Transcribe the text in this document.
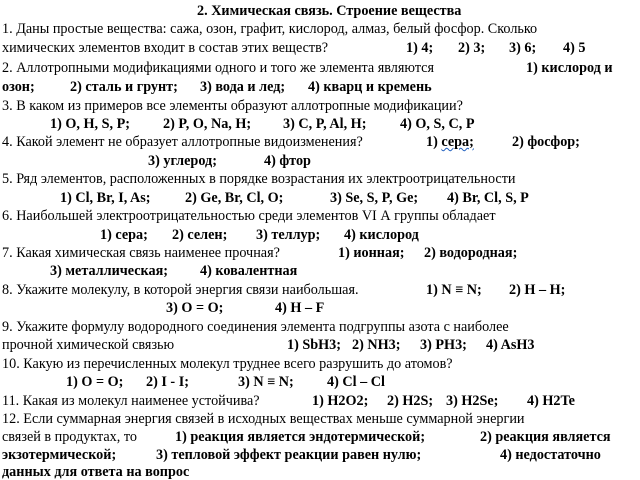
2. Химическая связь. Строение вещества
1. Даны простые вещества: сажа, озон, графит, кислород, алмаз, белый фосфор. Сколько
химических элементов входит в состав этих веществ?	1) 4; 2) 3; 3) 6; 4) 5
2. Аллотропными модификациями одного и того же элемента являются	1) кислород и
озон; 2) сталь и грунт; 3) вода и лед; 4) кварц и кремень
3. В каком из примеров все элементы образуют аллотропные модификации?
1) O, H, S, P; 2) P, O, Na, H; 3) C, P, Al, H; 4) O, S, C, P
4. Какой элемент не образует аллотропные видоизменения?	1) сера;	2) фосфор;
3) углерод;	4) фтор
5. Ряд элементов, расположенных в порядке возрастания их электроотрицательности
1) Cl, Br, I, As; 2) Ge, Br, Cl, O;	3) Se, S, P, Ge; 4) Br, Cl, S, P
6. Наибольшей электроотрицательностью среди элементов VI А группы обладает
1) сера; 2) селен; 3) теллур; 4) кислород
7. Какая химическая связь наименее прочная?	1) ионная; 2) водородная;
3) металлическая; 4) ковалентная
8. Укажите молекулу, в которой энергия связи наибольшая.	1) N ≡ N; 2) H – H;
3) O = O;	4) H – F
9. Укажите формулу водородного соединения элемента подгруппы азота с наиболее
прочной химической связью	1) SbH3; 2) NH3; 3) PH3; 4) AsH3
10. Какую из перечисленных молекул труднее всего разрушить до атомов?
1) O = O; 2) I - I;	3) N ≡ N; 4) Cl – Cl
11. Какая из молекул наименее устойчива?	1) H2O2; 2) H2S; 3) H2Se; 4) H2Te
12. Если суммарная энергия связей в исходных веществах меньше суммарной энергии
связей в продуктах, то	1) реакция является эндотермической;	2) реакция является
экзотермической;	3) тепловой эффект реакции равен нулю;	4) недостаточно
данных для ответа на вопрос
